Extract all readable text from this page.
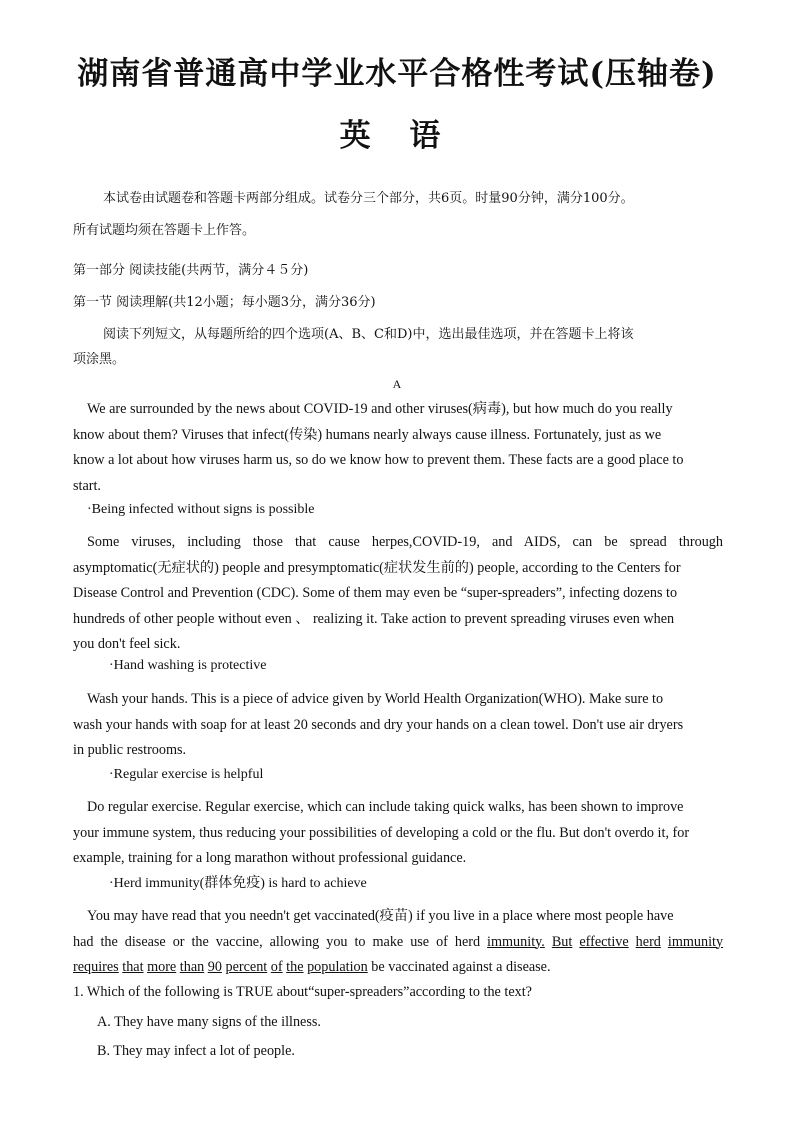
湖南省普通高中学业水平合格性考试(压轴卷)
英 语
本试卷由试题卷和答题卡两部分组成。试卷分三个部分，共6页。时量90分钟，满分100分。
所有试题均须在答题卡上作答。
第一部分 阅读技能(共两节，满分４５分)
第一节 阅读理解(共12小题；每小题3分，满分36分)
阅读下列短文，从每题所给的四个选项(A、B、C和D)中，选出最佳选项，并在答题卡上将该
项涂黑。
A
We are surrounded by the news about COVID-19 and other viruses(病毒), but how much do you really
know about them? Viruses that infect(传染) humans nearly always cause illness. Fortunately, just as we
know a lot about how viruses harm us, so do we know how to prevent them. These facts are a good place to
start.
·Being infected without signs is possible
Some viruses, including those that cause herpes,COVID-19, and AIDS, can be spread through
asymptomatic(无症状的) people and presymptomatic(症状发生前的) people, according to the Centers for
Disease Control and Prevention (CDC). Some of them may even be “super-spreaders”, infecting dozens to
hundreds of other people without even 、 realizing it. Take action to prevent spreading viruses even when
you don't feel sick.
·Hand washing is protective
Wash your hands. This is a piece of advice given by World Health Organization(WHO). Make sure to
wash your hands with soap for at least 20 seconds and dry your hands on a clean towel. Don't use air dryers
in public restrooms.
·Regular exercise is helpful
Do regular exercise. Regular exercise, which can include taking quick walks, has been shown to improve
your immune system, thus reducing your possibilities of developing a cold or the flu. But don't overdo it, for
example, training for a long marathon without professional guidance.
·Herd immunity(群体免疫) is hard to achieve
You may have read that you needn't get vaccinated(疫苗) if you live in a place where most people have
had the disease or the vaccine, allowing you to make use of herd immunity. But effective herd immunity
requires that more than 90 percent of the population be vaccinated against a disease.
1. Which of the following is TRUE about“super-spreaders”according to the text?
A. They have many signs of the illness.
B. They may infect a lot of people.
